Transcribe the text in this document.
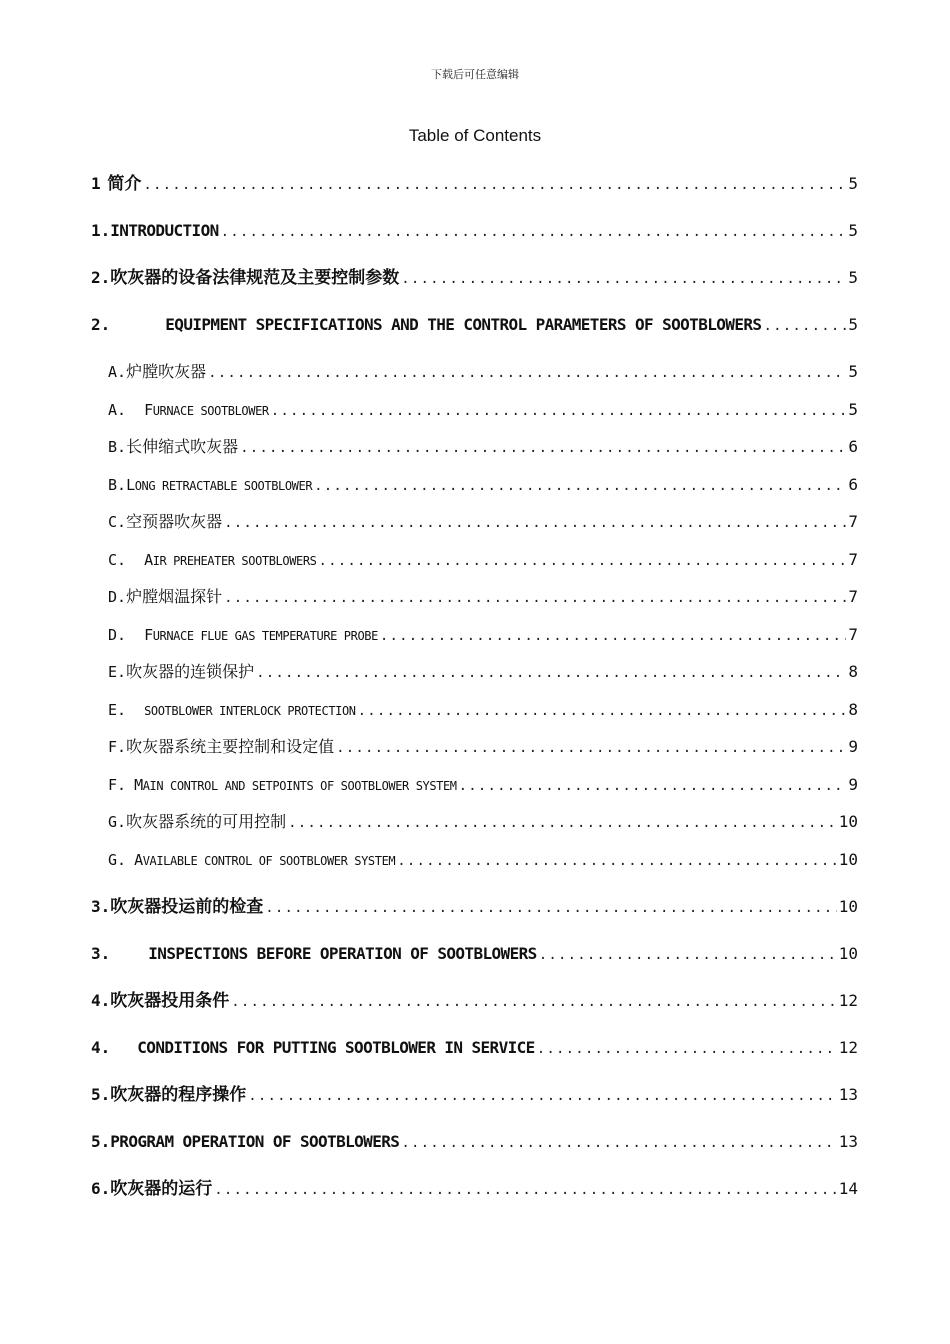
下载后可任意编辑
Table of Contents
1 简介 .....	5
1. INTRODUCTION .....	5
2. 吹灰器的设备法律规范及主要控制参数 .....	5
2.	EQUIPMENT SPECIFICATIONS AND THE CONTROL PARAMETERS OF SOOTBLOWERS .....	5
A. 炉膛吹灰器 .....	5
A. FURNACE SOOTBLOWER .....	5
B. 长伸缩式吹灰器 .....	6
B. LONG RETRACTABLE SOOTBLOWER .....	6
C. 空预器吹灰器 .....	7
C. AIR PREHEATER SOOTBLOWERS .....	7
D. 炉膛烟温探针 .....	7
D. FURNACE FLUE GAS TEMPERATURE PROBE .....	7
E. 吹灰器的连锁保护 .....	8
E. SOOTBLOWER INTERLOCK PROTECTION .....	8
F. 吹灰器系统主要控制和设定值 .....	9
F. MAIN CONTROL AND SETPOINTS OF SOOTBLOWER SYSTEM .....	9
G. 吹灰器系统的可用控制 .....	10
G. AVAILABLE CONTROL OF SOOTBLOWER SYSTEM .....	10
3. 吹灰器投运前的检查 .....	10
3. INSPECTIONS BEFORE OPERATION OF SOOTBLOWERS .....	10
4. 吹灰器投用条件 .....	12
4. CONDITIONS FOR PUTTING SOOTBLOWER IN SERVICE .....	12
5. 吹灰器的程序操作 .....	13
5. PROGRAM OPERATION OF SOOTBLOWERS .....	13
6. 吹灰器的运行 .....	14
